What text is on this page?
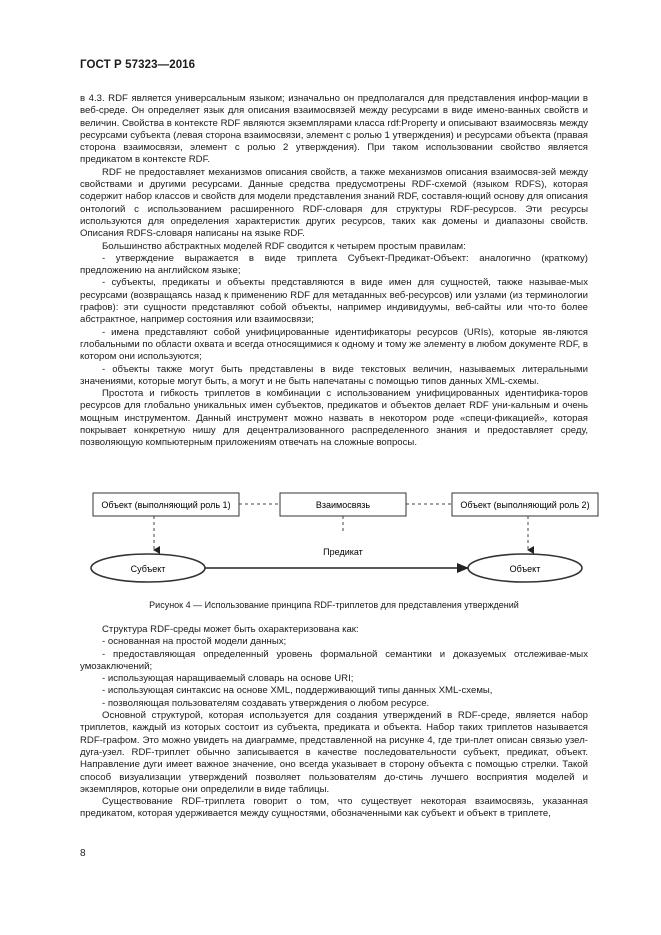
ГОСТ Р 57323—2016

в 4.3. RDF является универсальным языком; изначально он предполагался для представления инфор-мации в веб-среде. Он определяет язык для описания взаимосвязей между ресурсами в виде имено-ванных свойств и величин. Свойства в контексте RDF являются экземплярами класса rdf:Property и описывают взаимосвязь между ресурсами субъекта (левая сторона взаимосвязи, элемент с ролью 1 утверждения) и ресурсами объекта (правая сторона взаимосвязи, элемент с ролью 2 утверждения). При таком использовании свойство является предикатом в контексте RDF.

RDF не предоставляет механизмов описания свойств, а также механизмов описания взаимосвя-зей между свойствами и другими ресурсами. Данные средства предусмотрены RDF-схемой (языком RDFS), которая содержит набор классов и свойств для модели представления знаний RDF, составля-ющий основу для описания онтологий с использованием расширенного RDF-словаря для структуры RDF-ресурсов. Эти ресурсы используются для определения характеристик других ресурсов, таких как домены и диапазоны свойств. Описания RDFS-словаря написаны на языке RDF.

Большинство абстрактных моделей RDF сводится к четырем простым правилам:

- утверждение выражается в виде триплета Субъект-Предикат-Объект: аналогично (краткому) предложению на английском языке;

- субъекты, предикаты и объекты представляются в виде имен для сущностей, также называе-мых ресурсами (возвращаясь назад к применению RDF для метаданных веб-ресурсов) или узлами (из терминологии графов): эти сущности представляют собой объекты, например индивидуумы, веб-сайты или что-то более абстрактное, например состояния или взаимосвязи;

- имена представляют собой унифицированные идентификаторы ресурсов (URIs), которые яв-ляются глобальными по области охвата и всегда относящимися к одному и тому же элементу в любом документе RDF, в котором они используются;

- объекты также могут быть представлены в виде текстовых величин, называемых литеральными значениями, которые могут быть, а могут и не быть напечатаны с помощью типов данных XML-схемы.

Простота и гибкость триплетов в комбинации с использованием унифицированных идентифика-торов ресурсов для глобально уникальных имен субъектов, предикатов и объектов делает RDF уни-кальным и очень мощным инструментом. Данный инструмент можно назвать в некотором роде «специ-фикацией», которая покрывает конкретную нишу для децентрализованного распределенного знания и предоставляет среду, позволяющую компьютерным приложениям отвечать на сложные вопросы.

Объект (выполняющий роль 1)	Взаимосвязь	Объект (выполняющий роль 2)
Предикат
Субъект	Объект
Рисунок 4 — Использование принципа RDF-триплетов для представления утверждений

Структура RDF-среды может быть охарактеризована как:

- основанная на простой модели данных;

- предоставляющая определенный уровень формальной семантики и доказуемых отслеживае-мых умозаключений;

- использующая наращиваемый словарь на основе URI;

- использующая синтаксис на основе XML, поддерживающий типы данных XML-схемы,

- позволяющая пользователям создавать утверждения о любом ресурсе.

Основной структурой, которая используется для создания утверждений в RDF-среде, является набор триплетов, каждый из которых состоит из субъекта, предиката и объекта. Набор таких триплетов называется RDF-графом. Это можно увидеть на диаграмме, представленной на рисунке 4, где три-плет описан связью узел-дуга-узел. RDF-триплет обычно записывается в качестве последовательности субъект, предикат, объект. Направление дуги имеет важное значение, оно всегда указывает в сторону объекта с помощью стрелки. Такой способ визуализации утверждений позволяет пользователям до-стичь лучшего восприятия моделей и экземпляров, которые они определили в виде таблицы.

Существование RDF-триплета говорит о том, что существует некоторая взаимосвязь, указанная предикатом, которая удерживается между сущностями, обозначенными как субъект и объект в триплете,

8
